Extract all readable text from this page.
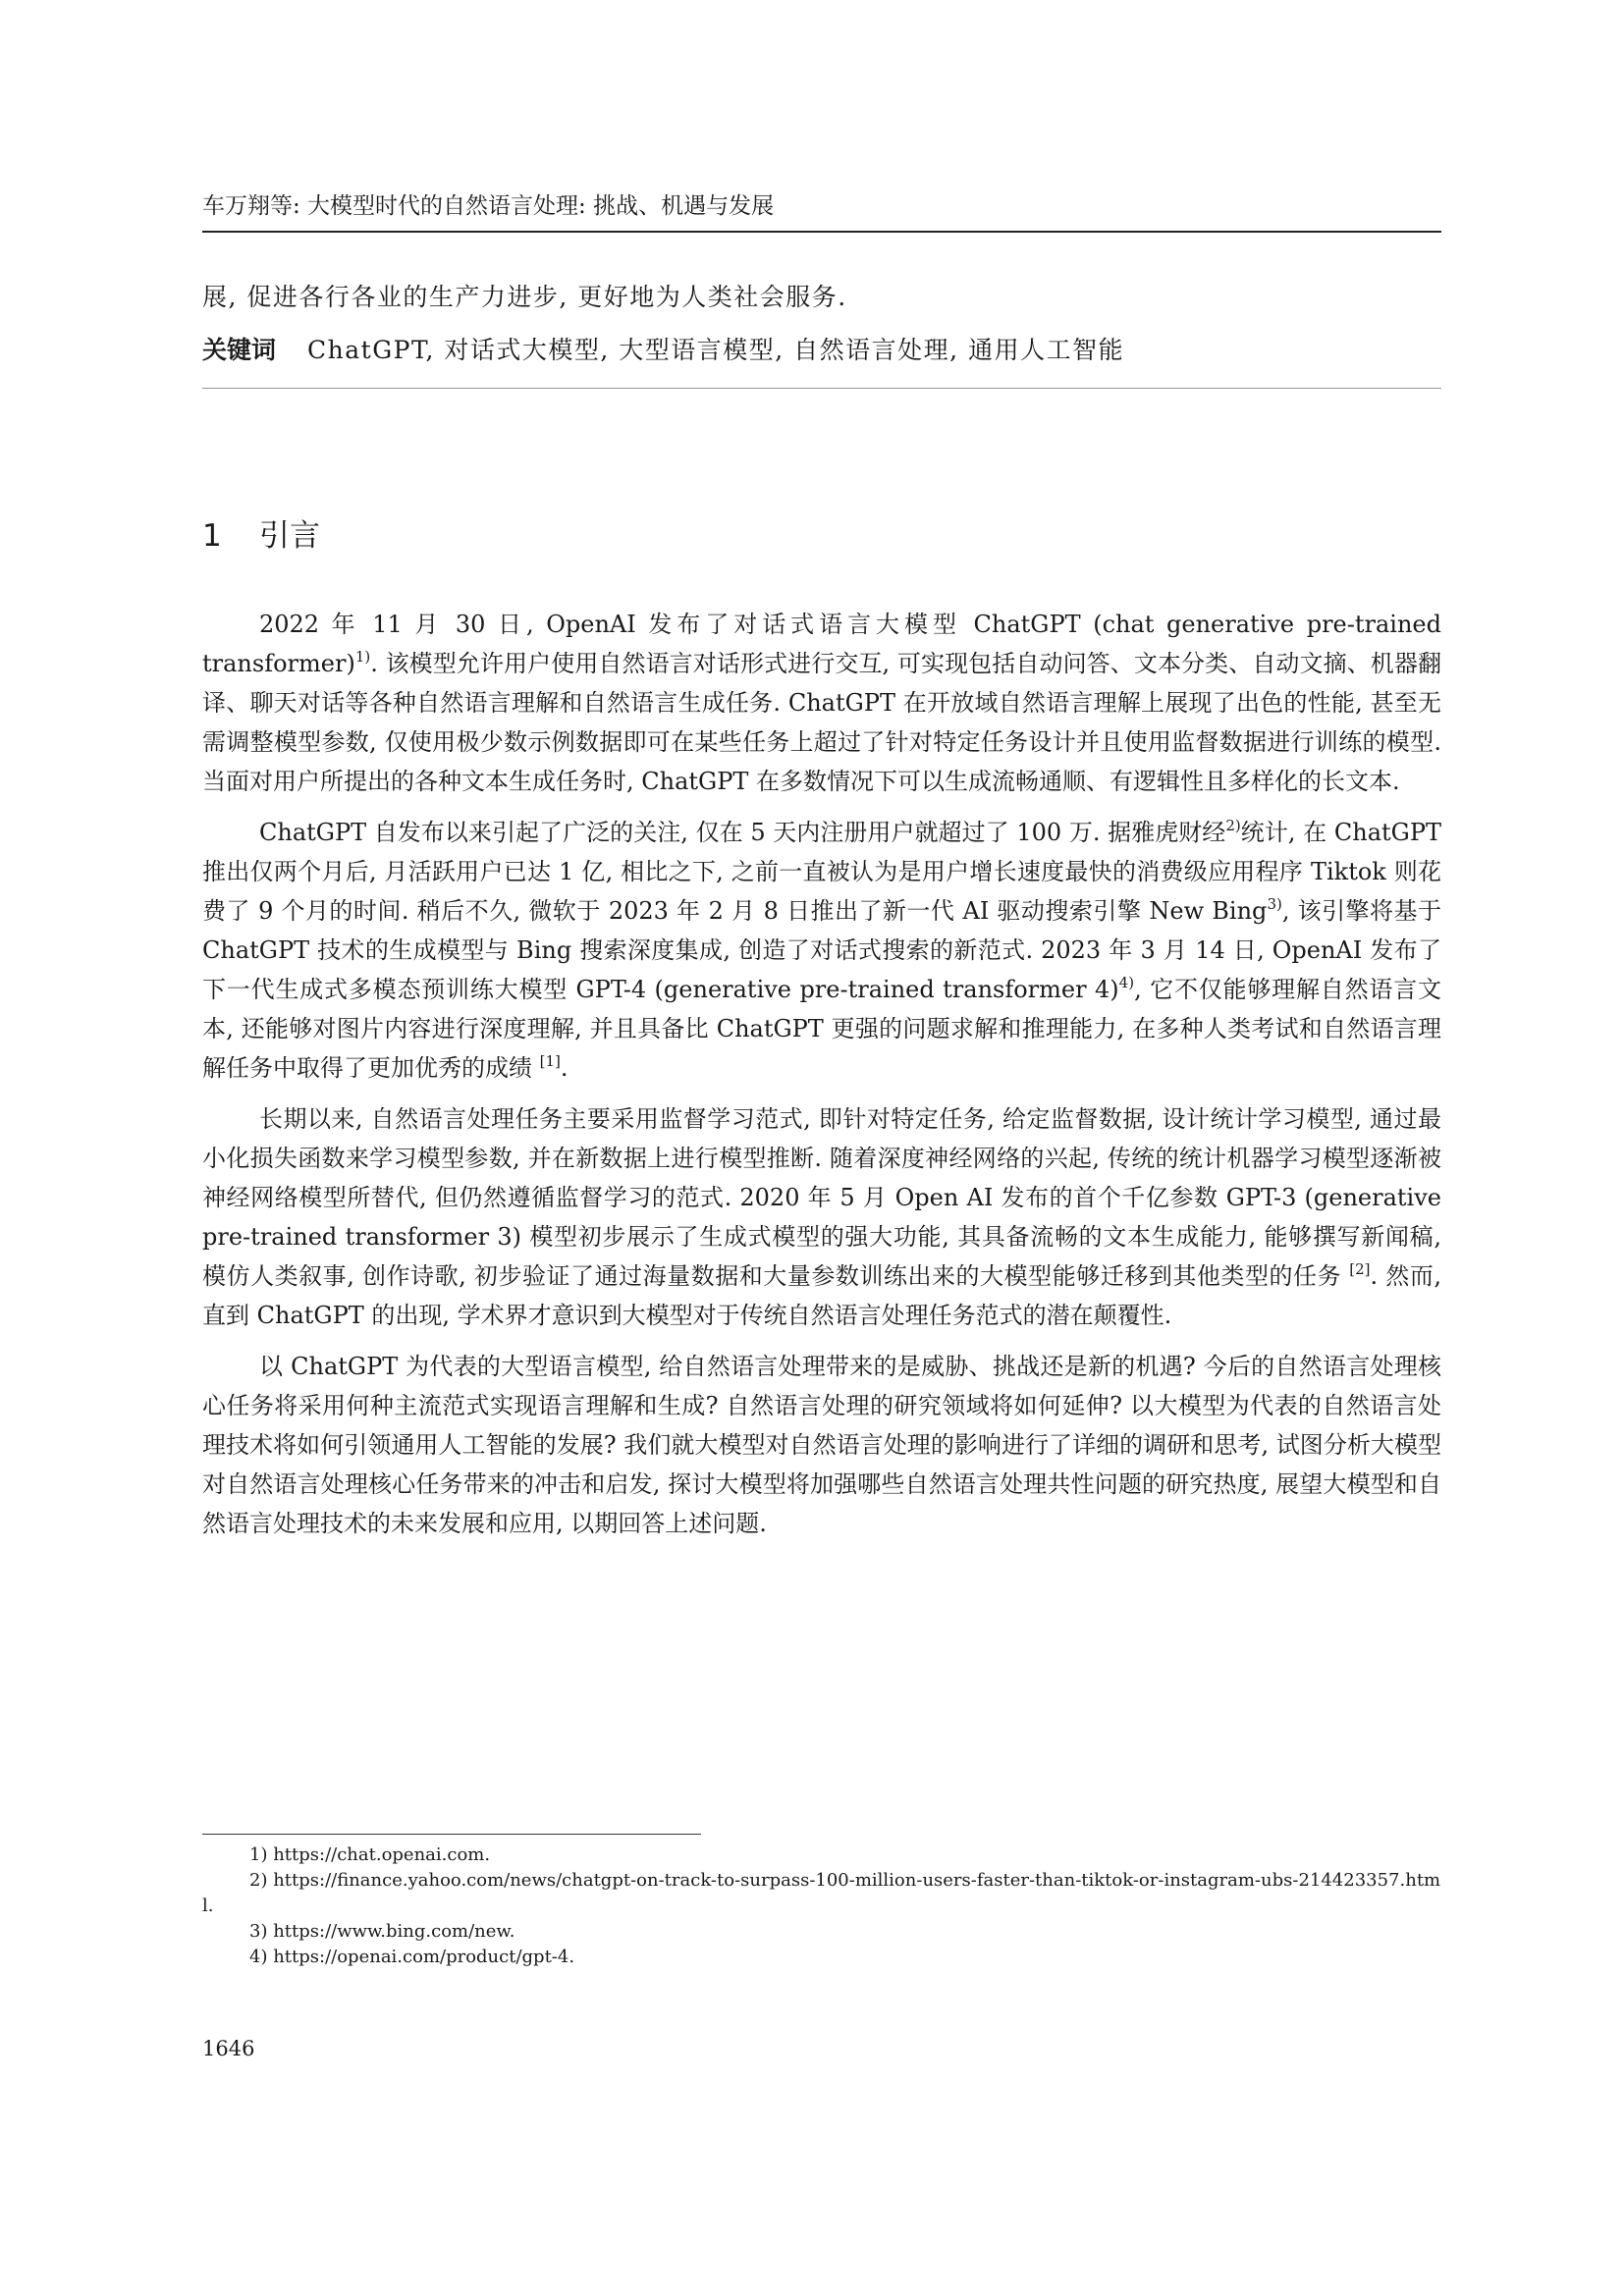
车万翔等: 大模型时代的自然语言处理: 挑战、机遇与发展
展, 促进各行各业的生产力进步, 更好地为人类社会服务.
关键词 ChatGPT, 对话式大模型, 大型语言模型, 自然语言处理, 通用人工智能
1 引言

2022 年 11 月 30 日, OpenAI 发布了对话式语言大模型 ChatGPT (chat generative pre-trained transformer)$^{1)}$. 该模型允许用户使用自然语言对话形式进行交互, 可实现包括自动问答、文本分类、自动文摘、机器翻译、聊天对话等各种自然语言理解和自然语言生成任务. ChatGPT 在开放域自然语言理解上展现了出色的性能, 甚至无需调整模型参数, 仅使用极少数示例数据即可在某些任务上超过了针对特定任务设计并且使用监督数据进行训练的模型. 当面对用户所提出的各种文本生成任务时, ChatGPT 在多数情况下可以生成流畅通顺、有逻辑性且多样化的长文本.

ChatGPT 自发布以来引起了广泛的关注, 仅在 5 天内注册用户就超过了 100 万. 据雅虎财经$^{2)}$统计, 在 ChatGPT 推出仅两个月后, 月活跃用户已达 1 亿, 相比之下, 之前一直被认为是用户增长速度最快的消费级应用程序 Tiktok 则花费了 9 个月的时间. 稍后不久, 微软于 2023 年 2 月 8 日推出了新一代 AI 驱动搜索引擎 New Bing$^{3)}$, 该引擎将基于 ChatGPT 技术的生成模型与 Bing 搜索深度集成, 创造了对话式搜索的新范式. 2023 年 3 月 14 日, OpenAI 发布了下一代生成式多模态预训练大模型 GPT-4 (generative pre-trained transformer 4)$^{4)}$, 它不仅能够理解自然语言文本, 还能够对图片内容进行深度理解, 并且具备比 ChatGPT 更强的问题求解和推理能力, 在多种人类考试和自然语言理解任务中取得了更加优秀的成绩 [1].

长期以来, 自然语言处理任务主要采用监督学习范式, 即针对特定任务, 给定监督数据, 设计统计学习模型, 通过最小化损失函数来学习模型参数, 并在新数据上进行模型推断. 随着深度神经网络的兴起, 传统的统计机器学习模型逐渐被神经网络模型所替代, 但仍然遵循监督学习的范式. 2020 年 5 月 Open AI 发布的首个千亿参数 GPT-3 (generative pre-trained transformer 3) 模型初步展示了生成式模型的强大功能, 其具备流畅的文本生成能力, 能够撰写新闻稿, 模仿人类叙事, 创作诗歌, 初步验证了通过海量数据和大量参数训练出来的大模型能够迁移到其他类型的任务 [2]. 然而, 直到 ChatGPT 的出现, 学术界才意识到大模型对于传统自然语言处理任务范式的潜在颠覆性.

以 ChatGPT 为代表的大型语言模型, 给自然语言处理带来的是威胁、挑战还是新的机遇? 今后的自然语言处理核心任务将采用何种主流范式实现语言理解和生成? 自然语言处理的研究领域将如何延伸? 以大模型为代表的自然语言处理技术将如何引领通用人工智能的发展? 我们就大模型对自然语言处理的影响进行了详细的调研和思考, 试图分析大模型对自然语言处理核心任务带来的冲击和启发, 探讨大模型将加强哪些自然语言处理共性问题的研究热度, 展望大模型和自然语言处理技术的未来发展和应用, 以期回答上述问题.

1) https://chat.openai.com.

2) https://finance.yahoo.com/news/chatgpt-on-track-to-surpass-100-million-users-faster-than-tiktok-or-instagram-ubs-214423357.html.

3) https://www.bing.com/new.

4) https://openai.com/product/gpt-4.

1646
